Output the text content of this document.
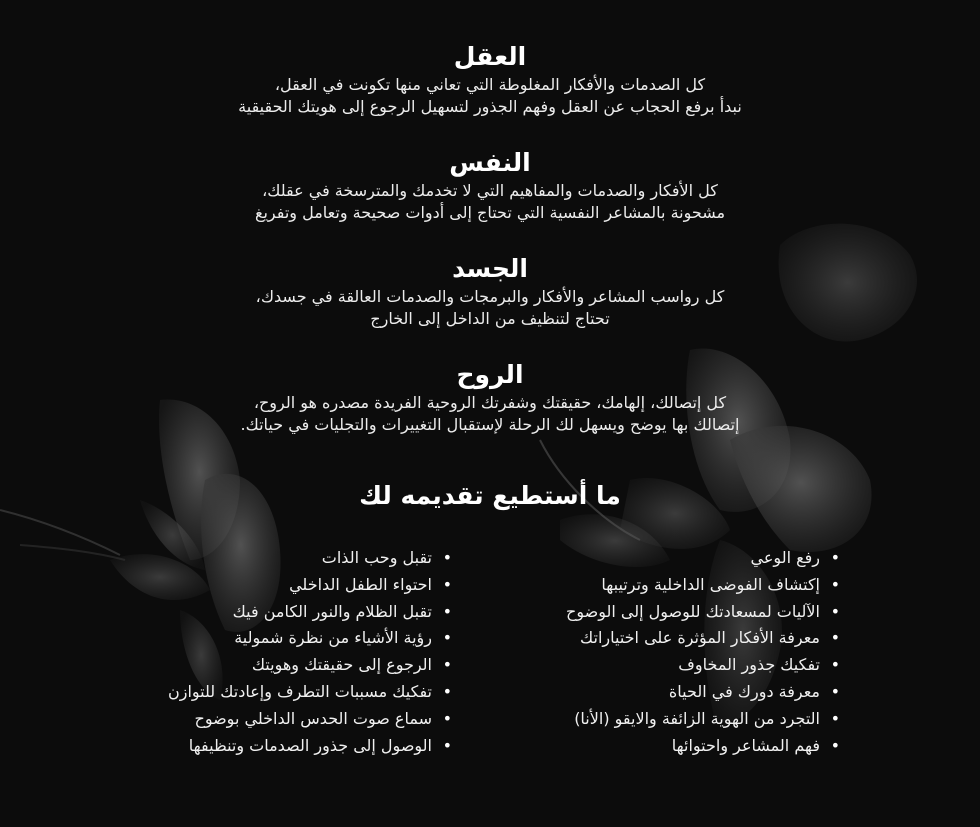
العقل

كل الصدمات والأفكار المغلوطة التي تعاني منها تكونت في العقل،

نبدأ برفع الحجاب عن العقل وفهم الجذور لتسهيل الرجوع إلى هويتك الحقيقية

النفس

كل الأفكار والصدمات والمفاهيم التي لا تخدمك والمترسخة في عقلك،

مشحونة بالمشاعر النفسية التي تحتاج إلى أدوات صحيحة وتعامل وتفريغ

الجسد

كل رواسب المشاعر والأفكار والبرمجات والصدمات العالقة في جسدك،

تحتاج لتنظيف من الداخل إلى الخارج

الروح

كل إتصالك، إلهامك، حقيقتك وشفرتك الروحية الفريدة مصدره هو الروح،

إتصالك بها يوضح ويسهل لك الرحلة لإستقبال التغييرات والتجليات في حياتك.

ما أستطيع تقديمه لك
• رفع الوعي
• إكتشاف الفوضى الداخلية وترتيبها
• الآليات لمسعادتك للوصول إلى الوضوح
• معرفة الأفكار المؤثرة على اختياراتك
• تفكيك جذور المخاوف
• معرفة دورك في الحياة
• التجرد من الهوية الزائفة والايقو (الأنا)
• فهم المشاعر واحتوائها
• تقبل وحب الذات
• احتواء الطفل الداخلي
• تقبل الظلام والنور الكامن فيك
• رؤية الأشياء من نظرة شمولية
• الرجوع إلى حقيقتك وهويتك
• تفكيك مسببات التطرف وإعادتك للتوازن
• سماع صوت الحدس الداخلي بوضوح
• الوصول إلى جذور الصدمات وتنظيفها
